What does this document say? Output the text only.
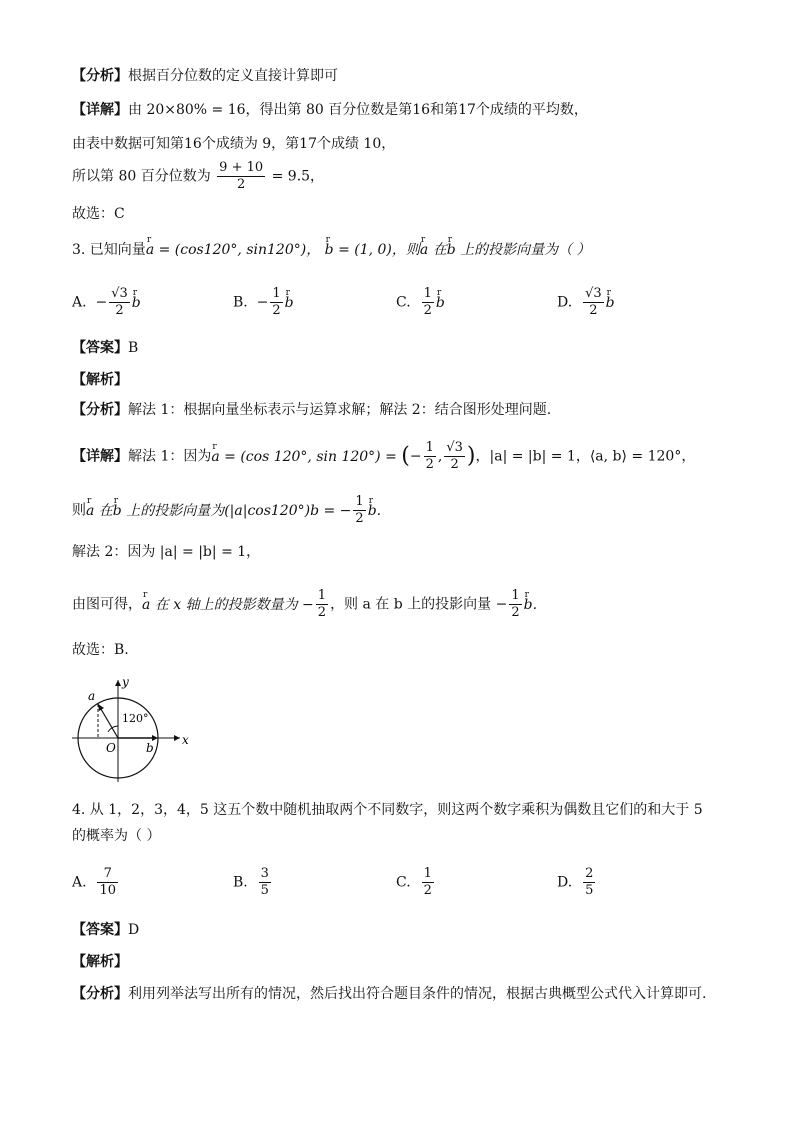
【分析】根据百分位数的定义直接计算即可
【详解】由 20×80% = 16，得出第 80 百分位数是第16和第17个成绩的平均数，
由表中数据可知第16个成绩为 9，第17个成绩 10，
所以第 80 百分位数为 $\frac{9 + 10}{2} = 9.5$，
故选：C
3. 已知向量r a = (cos120°, sin120°)， r b = (1, 0)，则r a 在r b 上的投影向量为（ ）
A. − $\frac{√3}{2}$ r b	B. − $\frac{1}{2}$ r b	C. $\frac{1}{2}$ r b	D. $\frac{√3}{2}$ r b
【答案】B
【解析】
【分析】解法 1：根据向量坐标表示与运算求解；解法 2：结合图形处理问题.
【详解】解法 1：因为r a = (cos 120°, sin 120°) = (− $\frac{1}{2}$ , $\frac{√3}{2}$ )，|a| = |b| = 1，⟨a, b⟩ = 120°，
则r a 在r b 上的投影向量为(|a|cos120°)b = − $\frac{1}{2}$ r b.
解法 2：因为 |a| = |b| = 1，
由图可得，r a 在 x 轴上的投影数量为 − $\frac{1}{2}$ ，则 a 在 b 上的投影向量 − $\frac{1}{2}$ r b.
故选：B.
120°
y
x
O
a
b
4. 从 1，2，3，4，5 这五个数中随机抽取两个不同数字，则这两个数字乘积为偶数且它们的和大于 5
的概率为（ ）
A. $\frac{7}{10}$	B. $\frac{3}{5}$	C. $\frac{1}{2}$	D. $\frac{2}{5}$
【答案】D
【解析】
【分析】利用列举法写出所有的情况，然后找出符合题目条件的情况，根据古典概型公式代入计算即可.
